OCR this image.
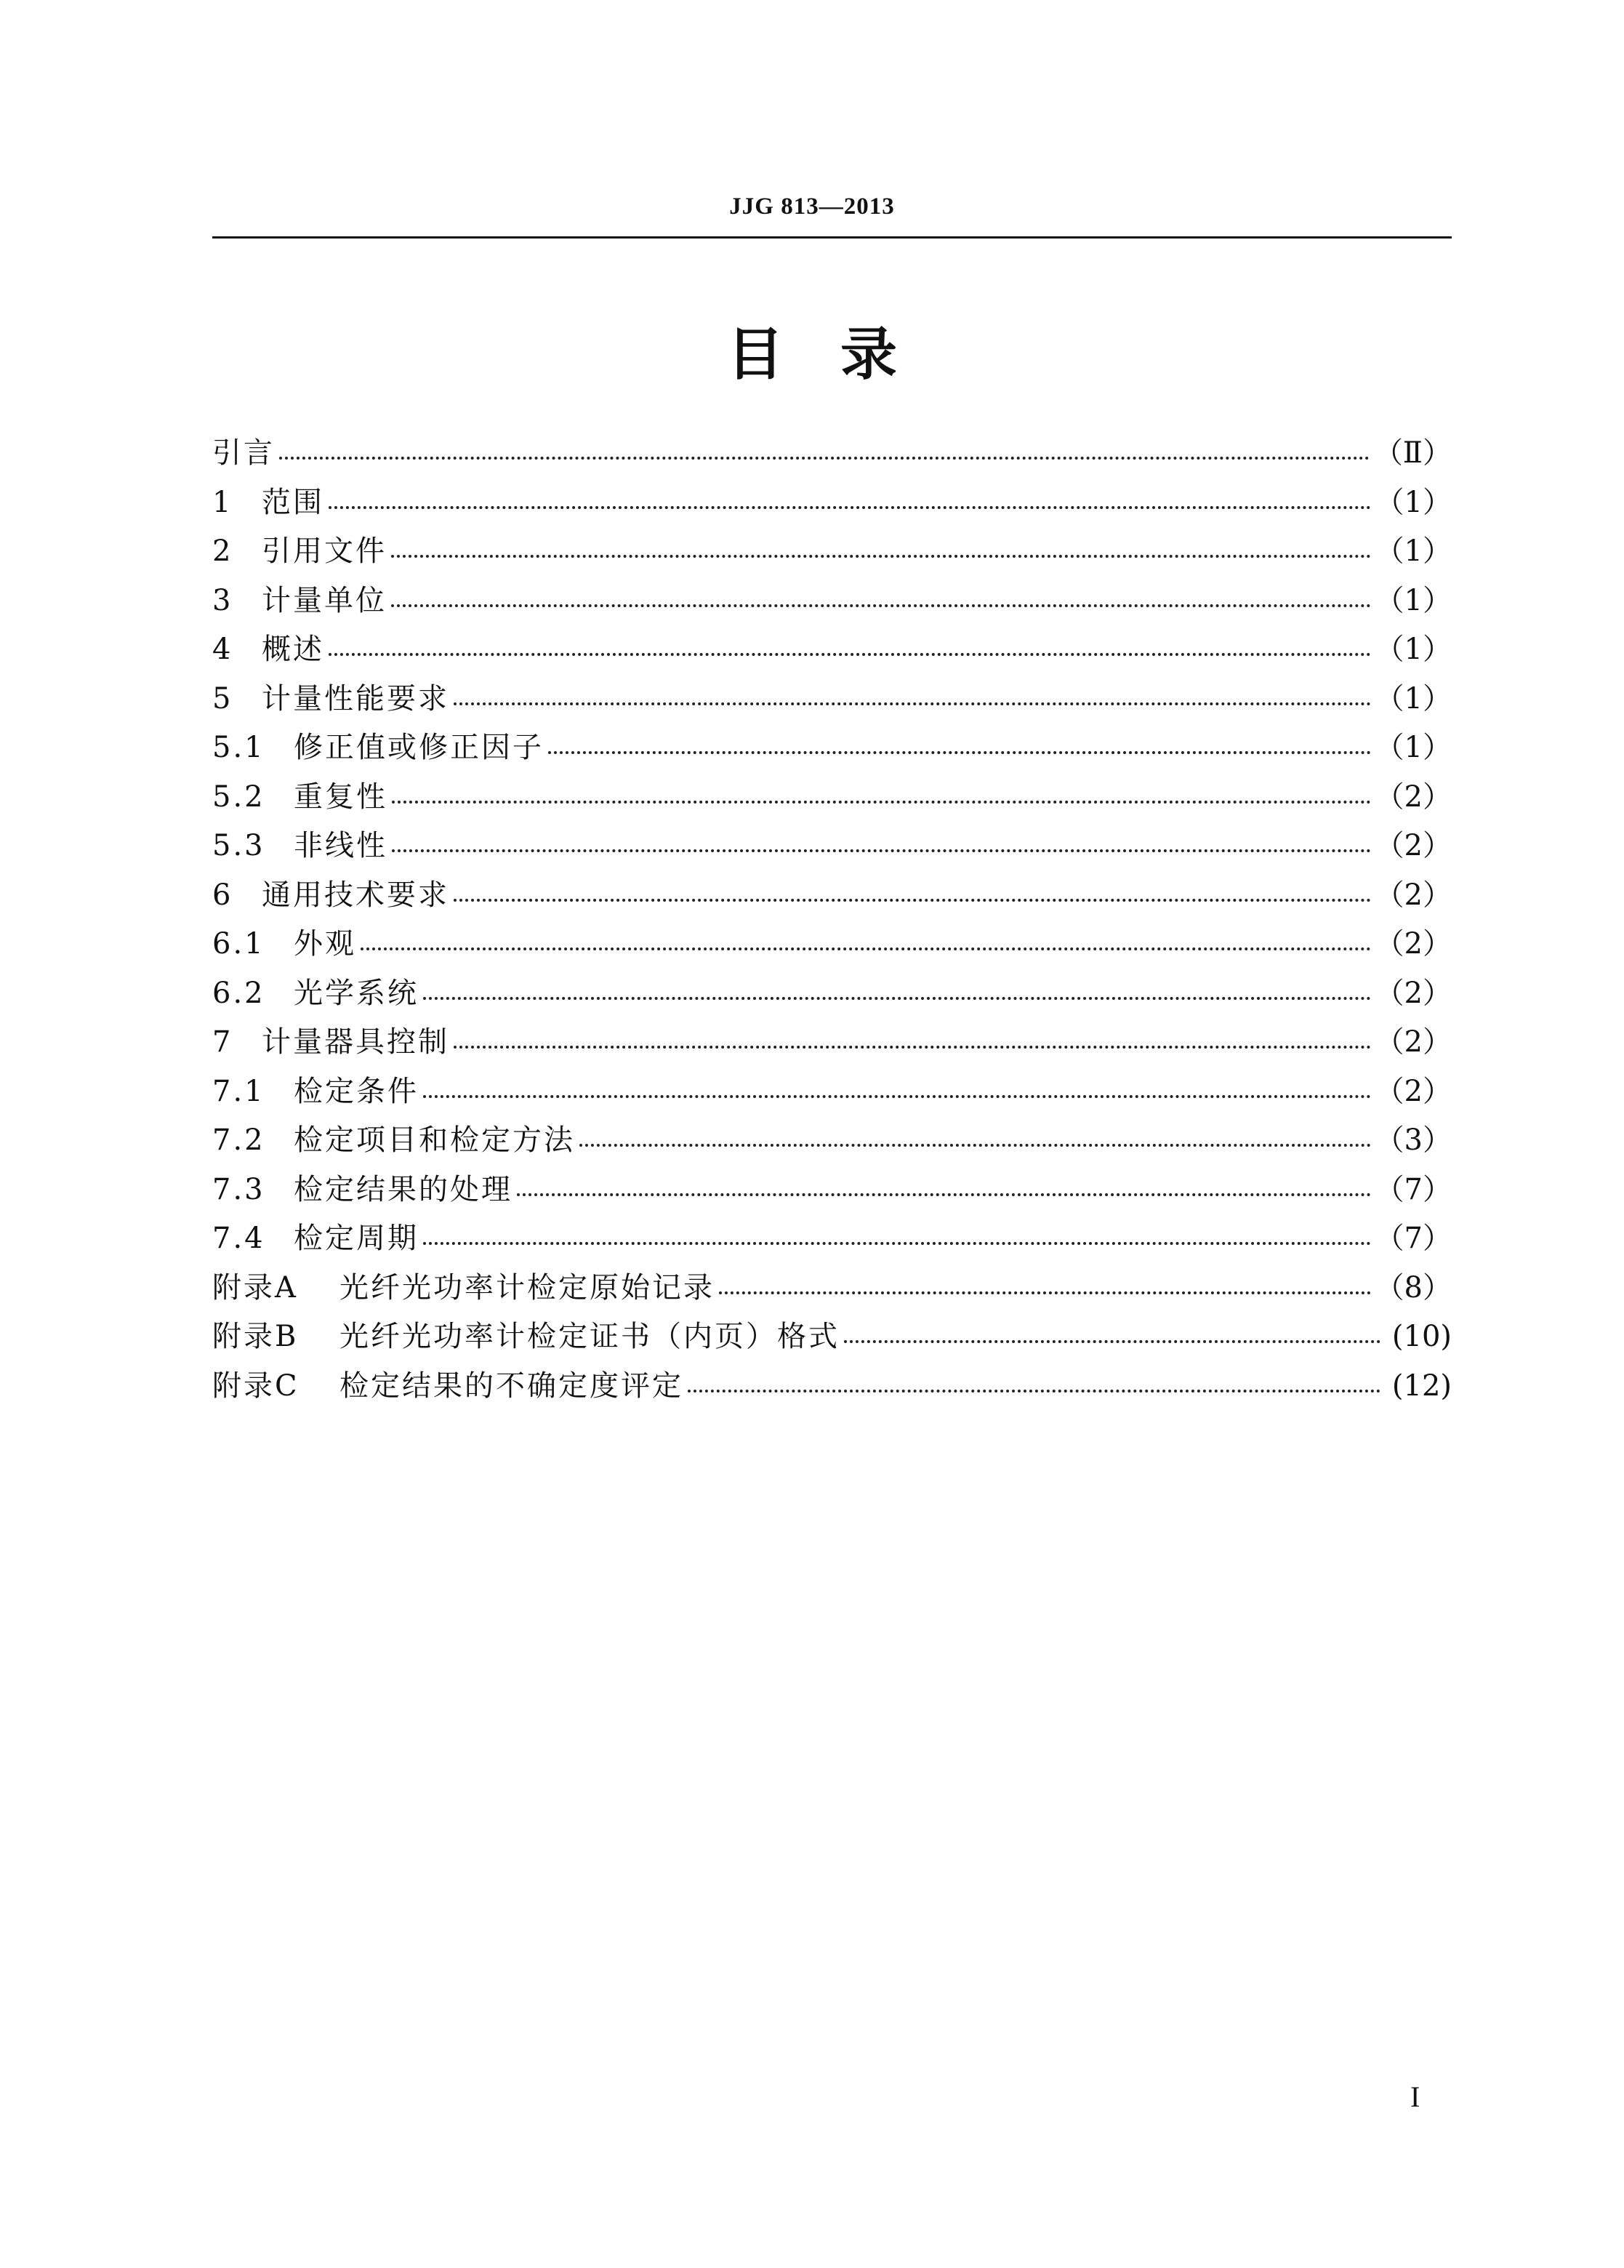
JJG 813—2013
目　录
引言	（Ⅱ）
1 范围	（1）
2 引用文件	（1）
3 计量单位	（1）
4 概述	（1）
5 计量性能要求	（1）
5.1 修正值或修正因子	（1）
5.2 重复性	（2）
5.3 非线性	（2）
6 通用技术要求	（2）
6.1 外观	（2）
6.2 光学系统	（2）
7 计量器具控制	（2）
7.1 检定条件	（2）
7.2 检定项目和检定方法	（3）
7.3 检定结果的处理	（7）
7.4 检定周期	（7）
附录A	光纤光功率计检定原始记录	（8）
附录B	光纤光功率计检定证书（内页）格式	(10)
附录C	检定结果的不确定度评定	(12)
I
